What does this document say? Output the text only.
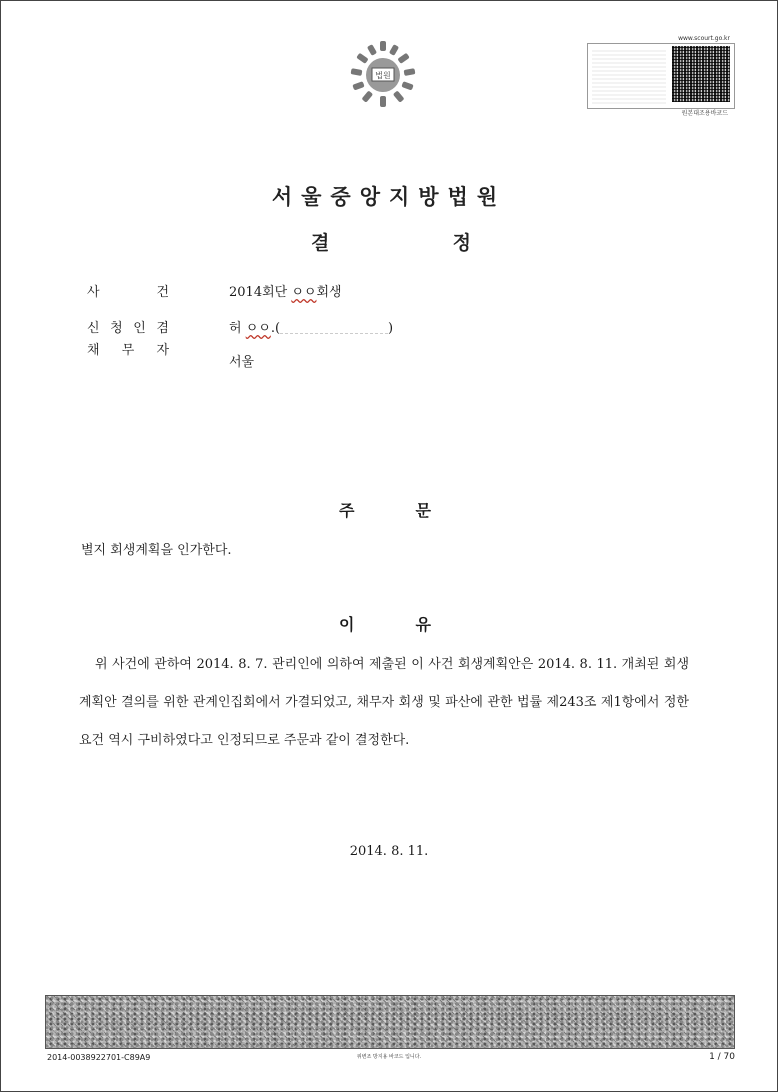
법원
www.scourt.go.kr
원본대조용바코드
서울중앙지방법원
결	정
사	건	2014회단 ㅇㅇ회생
신 청 인 겸	허 ㅇㅇ.(	)
채 무 자
서울
주	문
별지 회생계획을 인가한다.
이	유
위 사건에 관하여 2014. 8. 7. 관리인에 의하여 제출된 이 사건 회생계획안은 2014. 8. 11. 개최된 회생계획안 결의를 위한 관계인집회에서 가결되었고, 채무자 회생 및 파산에 관한 법률 제243조 제1항에서 정한 요건 역시 구비하였다고 인정되므로 주문과 같이 결정한다.
2014. 8. 11.
2014-0038922701-C89A9	위변조 방지용 바코드 입니다.	1 / 70
